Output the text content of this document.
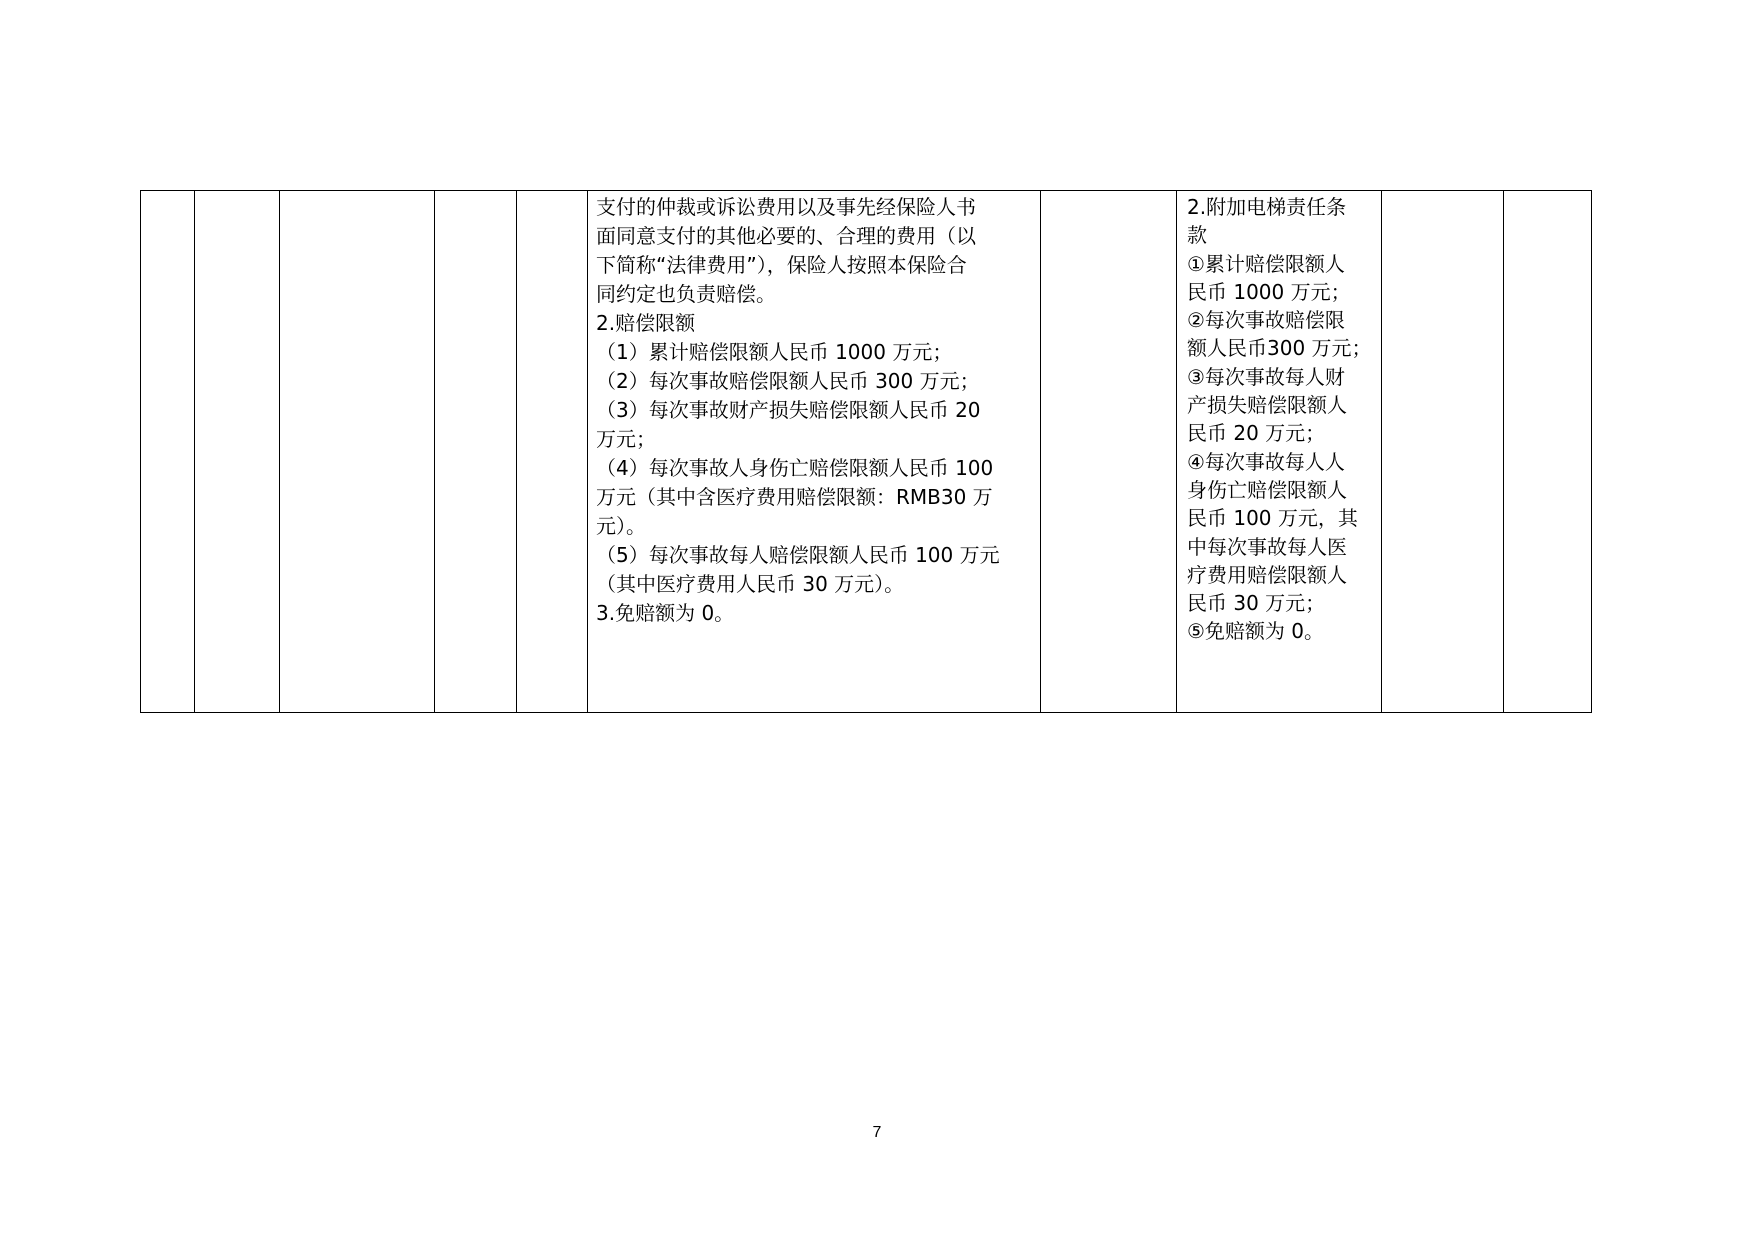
支付的仲裁或诉讼费用以及事先经保险人书
面同意支付的其他必要的、合理的费用（以
下简称“法律费用”），保险人按照本保险合
同约定也负责赔偿。
2.赔偿限额
（1）累计赔偿限额人民币 1000 万元；
（2）每次事故赔偿限额人民币 300 万元；
（3）每次事故财产损失赔偿限额人民币 20
万元；
（4）每次事故人身伤亡赔偿限额人民币 100
万元（其中含医疗费用赔偿限额：RMB30 万
元）。
（5）每次事故每人赔偿限额人民币 100 万元
（其中医疗费用人民币 30 万元）。
3.免赔额为 0。

2.附加电梯责任条
款
①累计赔偿限额人
民币 1000 万元；
②每次事故赔偿限
额人民币300 万元；
③每次事故每人财
产损失赔偿限额人
民币 20 万元；
④每次事故每人人
身伤亡赔偿限额人
民币 100 万元，其
中每次事故每人医
疗费用赔偿限额人
民币 30 万元；
⑤免赔额为 0。

7
